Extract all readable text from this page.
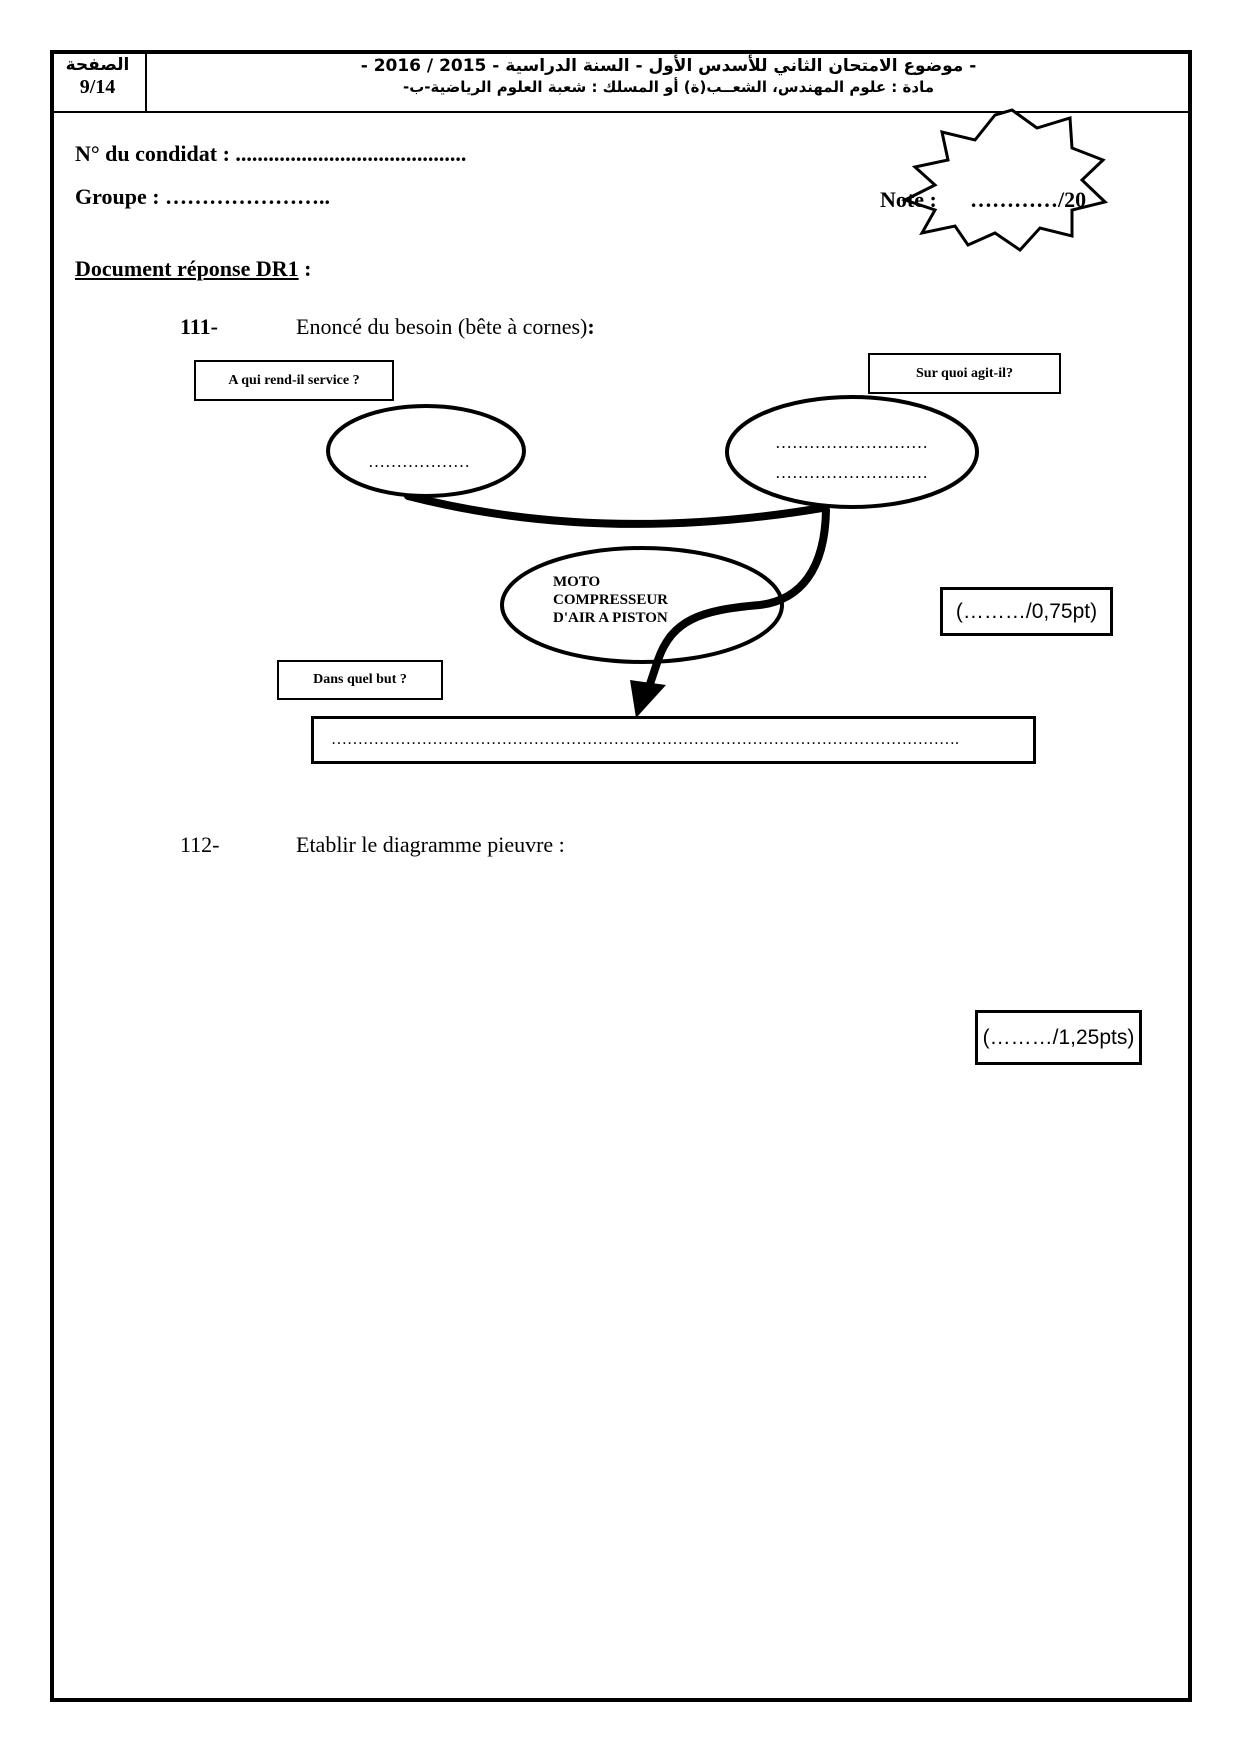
الصفحة
9/14
- موضوع الامتحان الثاني للأسدس الأول - السنة الدراسية - 2015 / 2016 -
مادة : علوم المهندس، الشعــب(ة) أو المسلك : شعبة العلوم الرياضية-ب-
N° du condidat : ..........................................
Groupe : …………………..	Note : …………/20
Document réponse DR1 :
111-	Enoncé du besoin (bête à cornes):
A qui rend-il service ?	Sur quoi agit-il?
………………
………………………
………………………
MOTO
COMPRESSEUR
D'AIR A PISTON	(………/0,75pt)
Dans quel but ?
……………………………………………………………………………………………………….
112-	Etablir le diagramme pieuvre :
(………/1,25pts)
